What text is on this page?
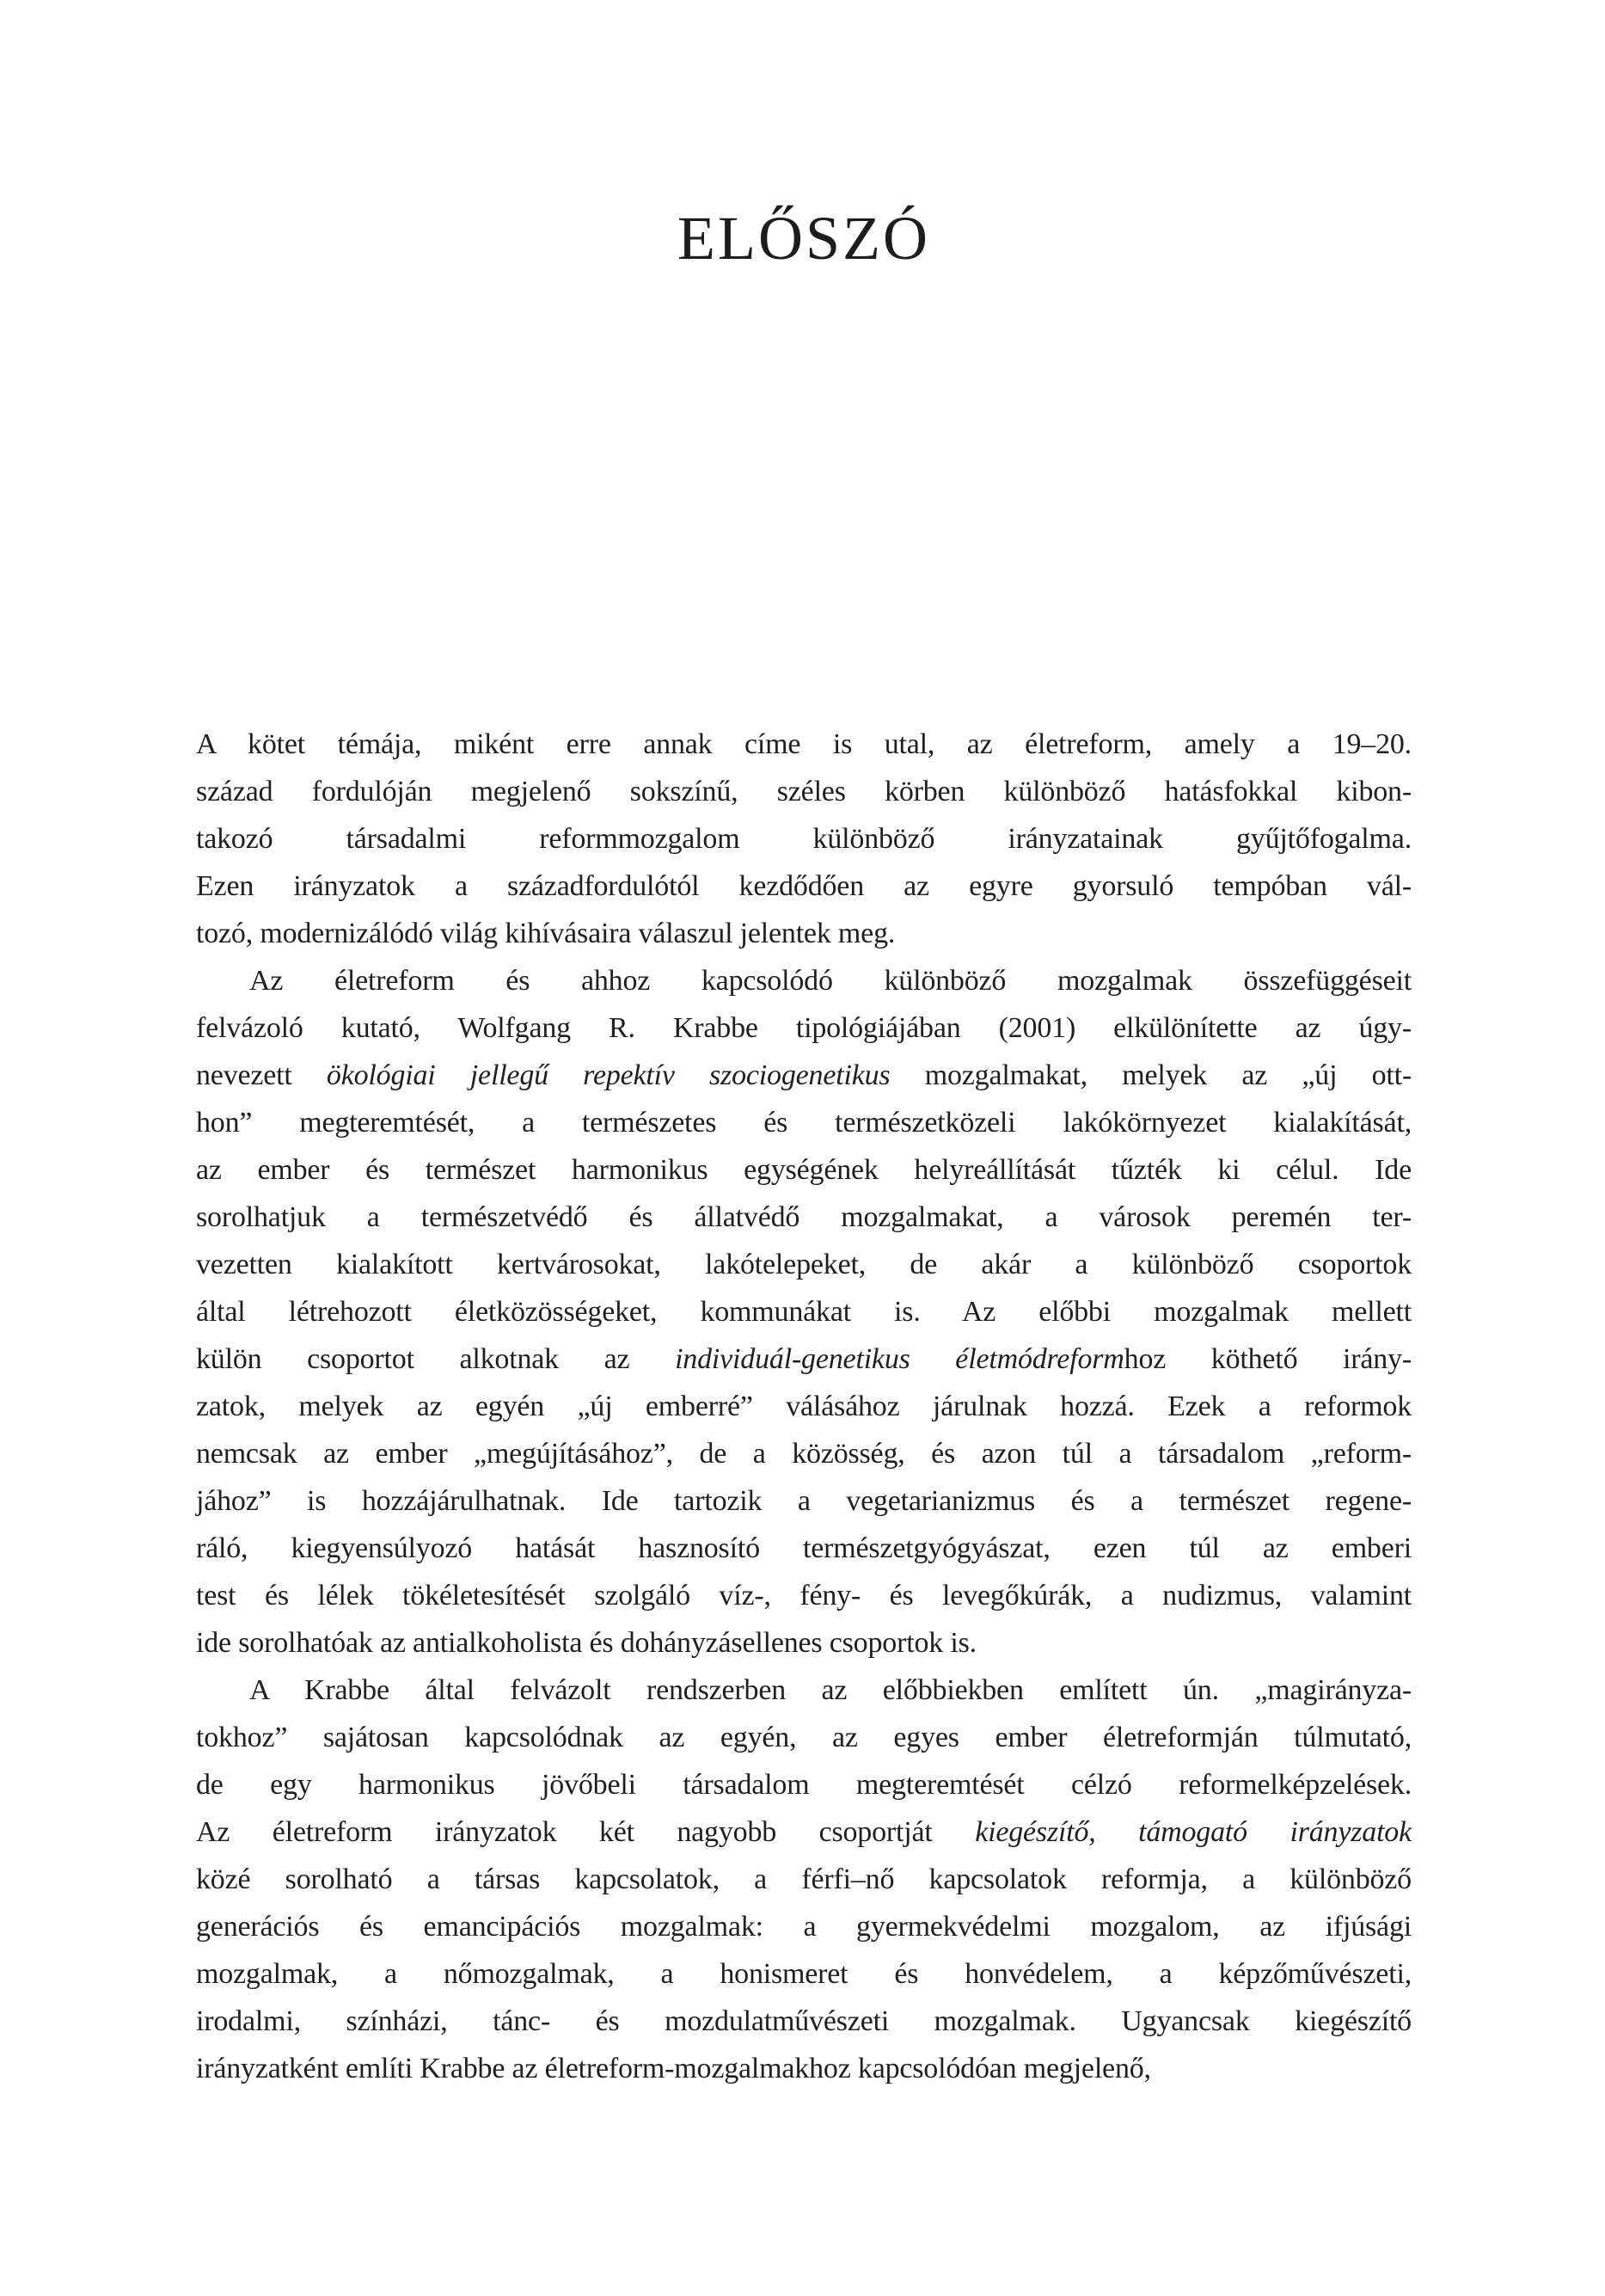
ELŐSZÓ
A kötet témája, miként erre annak címe is utal, az életreform, amely a 19–20.
század fordulóján megjelenő sokszínű, széles körben különböző hatásfokkal kibon-
takozó társadalmi reformmozgalom különböző irányzatainak gyűjtőfogalma.
Ezen irányzatok a századfordulótól kezdődően az egyre gyorsuló tempóban vál-
tozó, modernizálódó világ kihívásaira válaszul jelentek meg.
Az életreform és ahhoz kapcsolódó különböző mozgalmak összefüggéseit
felvázoló kutató, Wolfgang R. Krabbe tipológiájában (2001) elkülönítette az úgy-
nevezett ökológiai jellegű repektív szociogenetikus mozgalmakat, melyek az „új ott-
hon” megteremtését, a természetes és természetközeli lakókörnyezet kialakítását,
az ember és természet harmonikus egységének helyreállítását tűzték ki célul. Ide
sorolhatjuk a természetvédő és állatvédő mozgalmakat, a városok peremén ter-
vezetten kialakított kertvárosokat, lakótelepeket, de akár a különböző csoportok
által létrehozott életközösségeket, kommunákat is. Az előbbi mozgalmak mellett
külön csoportot alkotnak az individuál-genetikus életmódreformhoz köthető irány-
zatok, melyek az egyén „új emberré” válásához járulnak hozzá. Ezek a reformok
nemcsak az ember „megújításához”, de a közösség, és azon túl a társadalom „reform-
jához” is hozzájárulhatnak. Ide tartozik a vegetarianizmus és a természet regene-
ráló, kiegyensúlyozó hatását hasznosító természetgyógyászat, ezen túl az emberi
test és lélek tökéletesítését szolgáló víz-, fény- és levegőkúrák, a nudizmus, valamint
ide sorolhatóak az antialkoholista és dohányzásellenes csoportok is.
A Krabbe által felvázolt rendszerben az előbbiekben említett ún. „magirányza-
tokhoz” sajátosan kapcsolódnak az egyén, az egyes ember életreformján túlmutató,
de egy harmonikus jövőbeli társadalom megteremtését célzó reformelképzelések.
Az életreform irányzatok két nagyobb csoportját kiegészítő, támogató irányzatok
közé sorolható a társas kapcsolatok, a férfi–nő kapcsolatok reformja, a különböző
generációs és emancipációs mozgalmak: a gyermekvédelmi mozgalom, az ifjúsági
mozgalmak, a nőmozgalmak, a honismeret és honvédelem, a képzőművészeti,
irodalmi, színházi, tánc- és mozdulatművészeti mozgalmak. Ugyancsak kiegészítő
irányzatként említi Krabbe az életreform-mozgalmakhoz kapcsolódóan megjelenő,
